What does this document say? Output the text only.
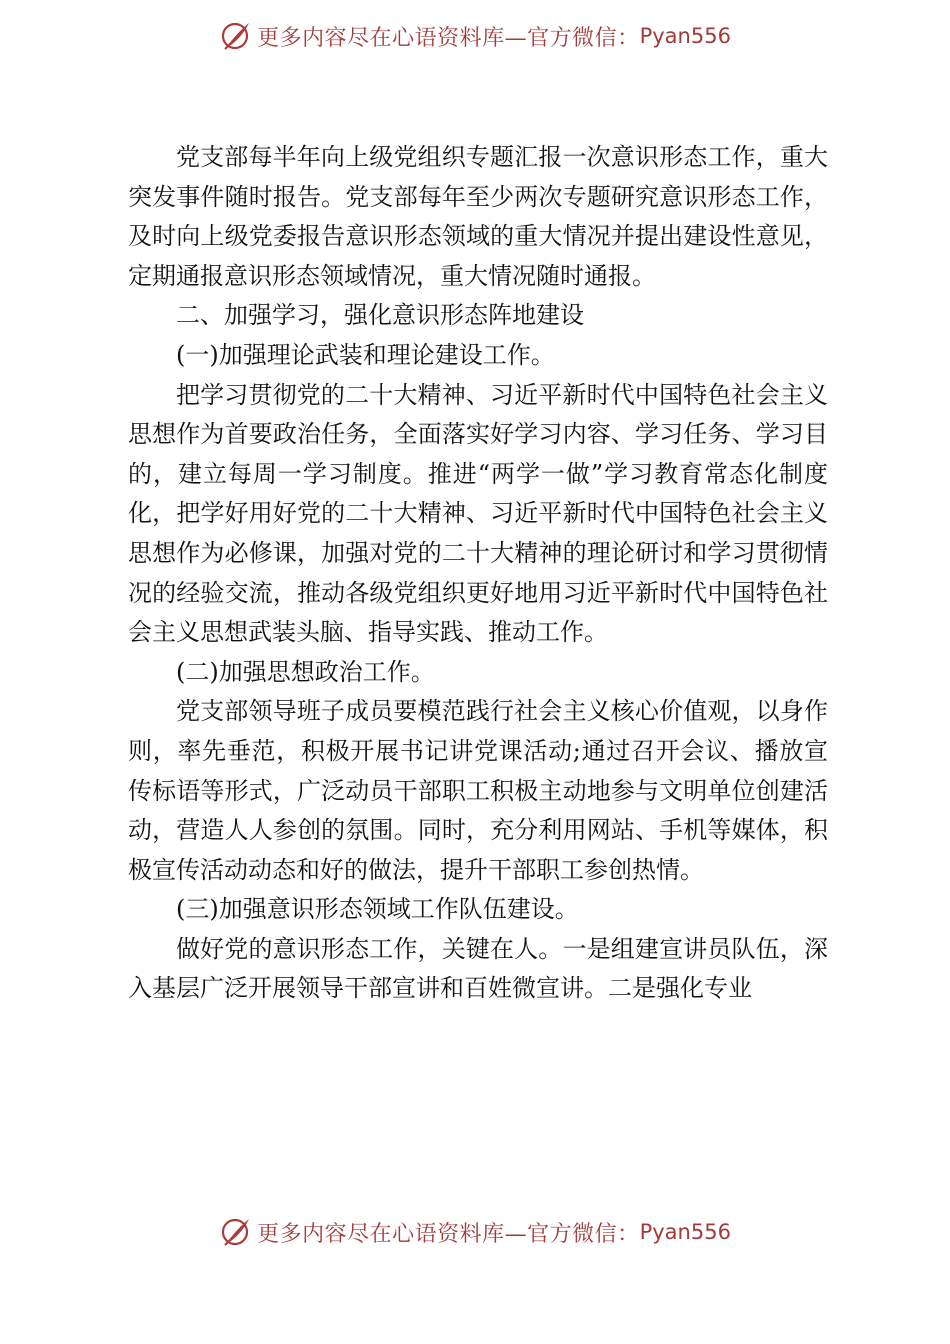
更多内容尽在心语资料库—官方微信： Pyan556

党支部每半年向上级党组织专题汇报一次意识形态工作，重大突发事件随时报告。党支部每年至少两次专题研究意识形态工作，及时向上级党委报告意识形态领域的重大情况并提出建设性意见，定期通报意识形态领域情况，重大情况随时通报。

二、加强学习，强化意识形态阵地建设

(一)加强理论武装和理论建设工作。

把学习贯彻党的二十大精神、习近平新时代中国特色社会主义思想作为首要政治任务，全面落实好学习内容、学习任务、学习目的，建立每周一学习制度。推进“两学一做”学习教育常态化制度化，把学好用好党的二十大精神、习近平新时代中国特色社会主义思想作为必修课，加强对党的二十大精神的理论研讨和学习贯彻情况的经验交流，推动各级党组织更好地用习近平新时代中国特色社会主义思想武装头脑、指导实践、推动工作。

(二)加强思想政治工作。

党支部领导班子成员要模范践行社会主义核心价值观，以身作则，率先垂范，积极开展书记讲党课活动;通过召开会议、播放宣传标语等形式，广泛动员干部职工积极主动地参与文明单位创建活动，营造人人参创的氛围。同时，充分利用网站、手机等媒体，积极宣传活动动态和好的做法，提升干部职工参创热情。

(三)加强意识形态领域工作队伍建设。

做好党的意识形态工作，关键在人。一是组建宣讲员队伍，深入基层广泛开展领导干部宣讲和百姓微宣讲。二是强化专业

更多内容尽在心语资料库—官方微信： Pyan556
